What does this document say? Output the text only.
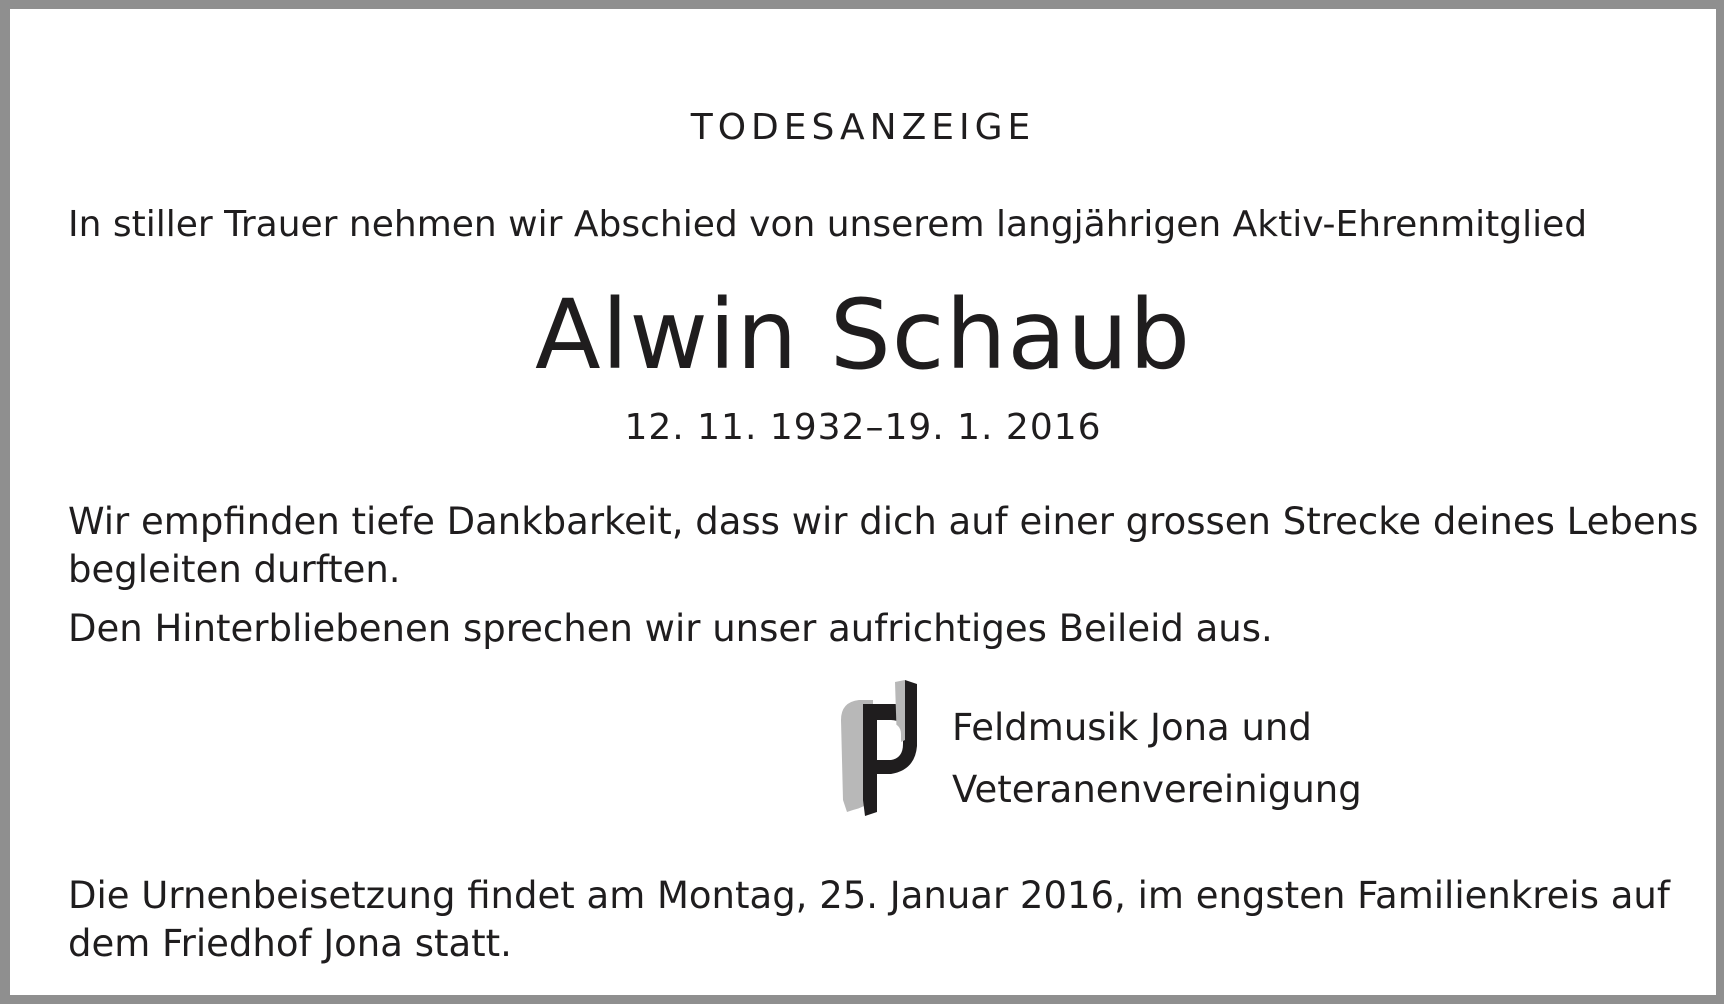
TODESANZEIGE

In stiller Trauer nehmen wir Abschied von unserem langjährigen Aktiv-Ehrenmitglied

Alwin Schaub

12. 11. 1932–19. 1. 2016

Wir empfinden tiefe Dankbarkeit, dass wir dich auf einer grossen Strecke deines Lebens
begleiten durften.

Den Hinterbliebenen sprechen wir unser aufrichtiges Beileid aus.

Feldmusik Jona und
Veteranenvereinigung

Die Urnenbeisetzung findet am Montag, 25. Januar 2016, im engsten Familienkreis auf
dem Friedhof Jona statt.
